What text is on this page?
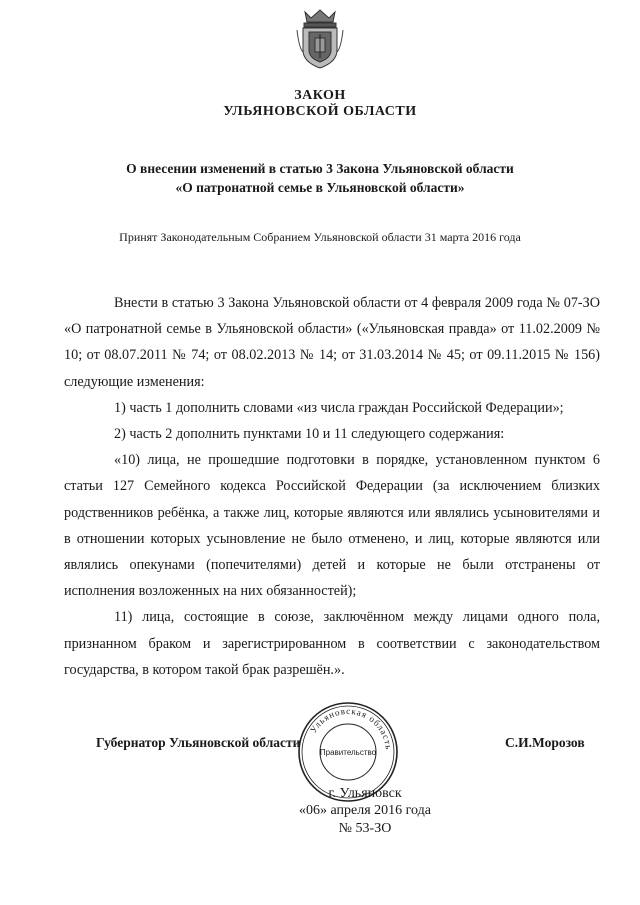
ЗАКОН
УЛЬЯНОВСКОЙ ОБЛАСТИ
О внесении изменений в статью 3 Закона Ульяновской области
«О патронатной семье в Ульяновской области»
Принят Законодательным Собранием Ульяновской области 31 марта 2016 года

Внести в статью 3 Закона Ульяновской области от 4 февраля 2009 года № 07-ЗО «О патронатной семье в Ульяновской области» («Ульяновская правда» от 11.02.2009 № 10; от 08.07.2011 № 74; от 08.02.2013 № 14; от 31.03.2014 № 45; от 09.11.2015 № 156) следующие изменения:

1) часть 1 дополнить словами «из числа граждан Российской Федерации»;

2) часть 2 дополнить пунктами 10 и 11 следующего содержания:

«10) лица, не прошедшие подготовки в порядке, установленном пунктом 6 статьи 127 Семейного кодекса Российской Федерации (за исключением близких родственников ребёнка, а также лиц, которые являются или являлись усыновителями и в отношении которых усыновление не было отменено, и лиц, которые являются или являлись опекунами (попечителями) детей и которые не были отстранены от исполнения возложенных на них обязанностей);

11) лица, состоящие в союзе, заключённом между лицами одного пола, признанном браком и зарегистрированном в соответствии с законодательством государства, в котором такой брак разрешён.».

Губернатор Ульяновской области	С.И.Морозов
Ульяновская область
Правительство
г. Ульяновск
«06» апреля 2016 года
№ 53-ЗО
